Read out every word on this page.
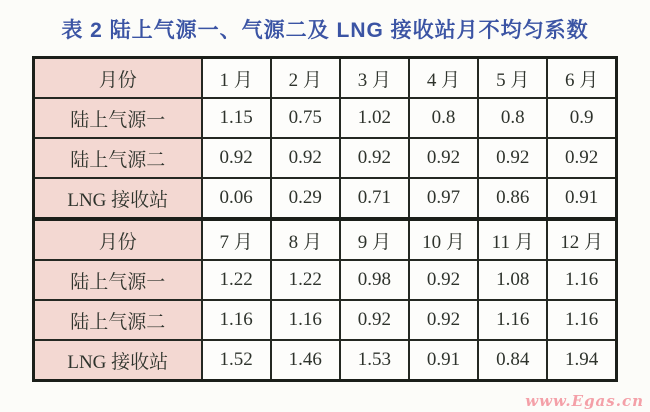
表 2 陆上气源一、气源二及 LNG 接收站月不均匀系数
月份	1 月	2 月	3 月	4 月	5 月	6 月
陆上气源一	1.15	0.75	1.02	0.8	0.8	0.9
陆上气源二	0.92	0.92	0.92	0.92	0.92	0.92
LNG 接收站	0.06	0.29	0.71	0.97	0.86	0.91
月份	7 月	8 月	9 月	10 月	11 月	12 月
陆上气源一	1.22	1.22	0.98	0.92	1.08	1.16
陆上气源二	1.16	1.16	0.92	0.92	1.16	1.16
LNG 接收站	1.52	1.46	1.53	0.91	0.84	1.94
www.Egas.cn
